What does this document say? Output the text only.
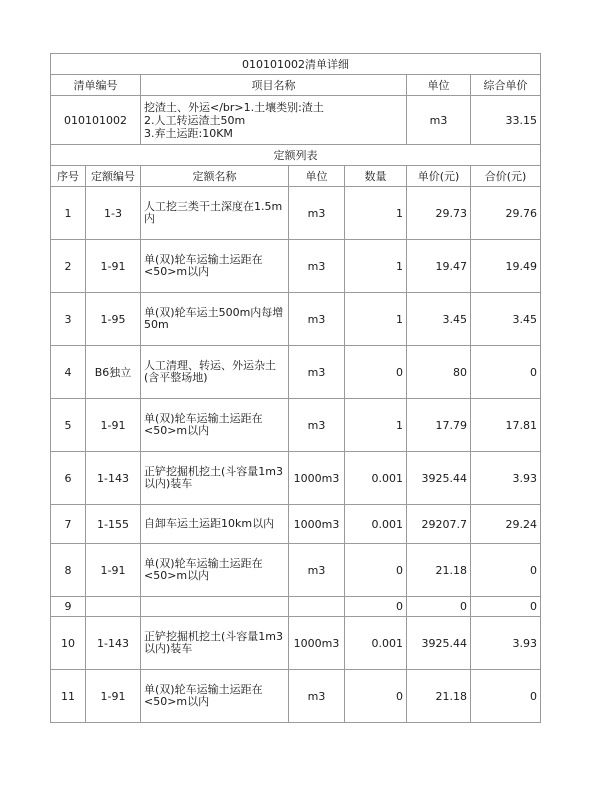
010101002清单详细						
清单编号		项目名称			单位	综合单价
010101002		挖渣土、外运</br>1.土壤类别:渣土
2.人工转运渣土50m
3.弃土运距:10KM			m3	33.15
定额列表						
序号	定额编号	定额名称	单位	数量	单价(元)	合价(元)
1	1-3	人工挖三类干土深度在1.5m内	m3	1	29.73	29.76
2	1-91	单(双)轮车运输土运距在<50>m以内	m3	1	19.47	19.49
3	1-95	单(双)轮车运土500m内每增50m	m3	1	3.45	3.45
4	B6独立	人工清理、转运、外运杂土(含平整场地)	m3	0	80	0
5	1-91	单(双)轮车运输土运距在<50>m以内	m3	1	17.79	17.81
6	1-143	正铲挖掘机挖土(斗容量1m3以内)装车	1000m3	0.001	3925.44	3.93
7	1-155	自卸车运土运距10km以内	1000m3	0.001	29207.7	29.24
8	1-91	单(双)轮车运输土运距在<50>m以内	m3	0	21.18	0
9				0	0	0
10	1-143	正铲挖掘机挖土(斗容量1m3以内)装车	1000m3	0.001	3925.44	3.93
11	1-91	单(双)轮车运输土运距在<50>m以内	m3	0	21.18	0
